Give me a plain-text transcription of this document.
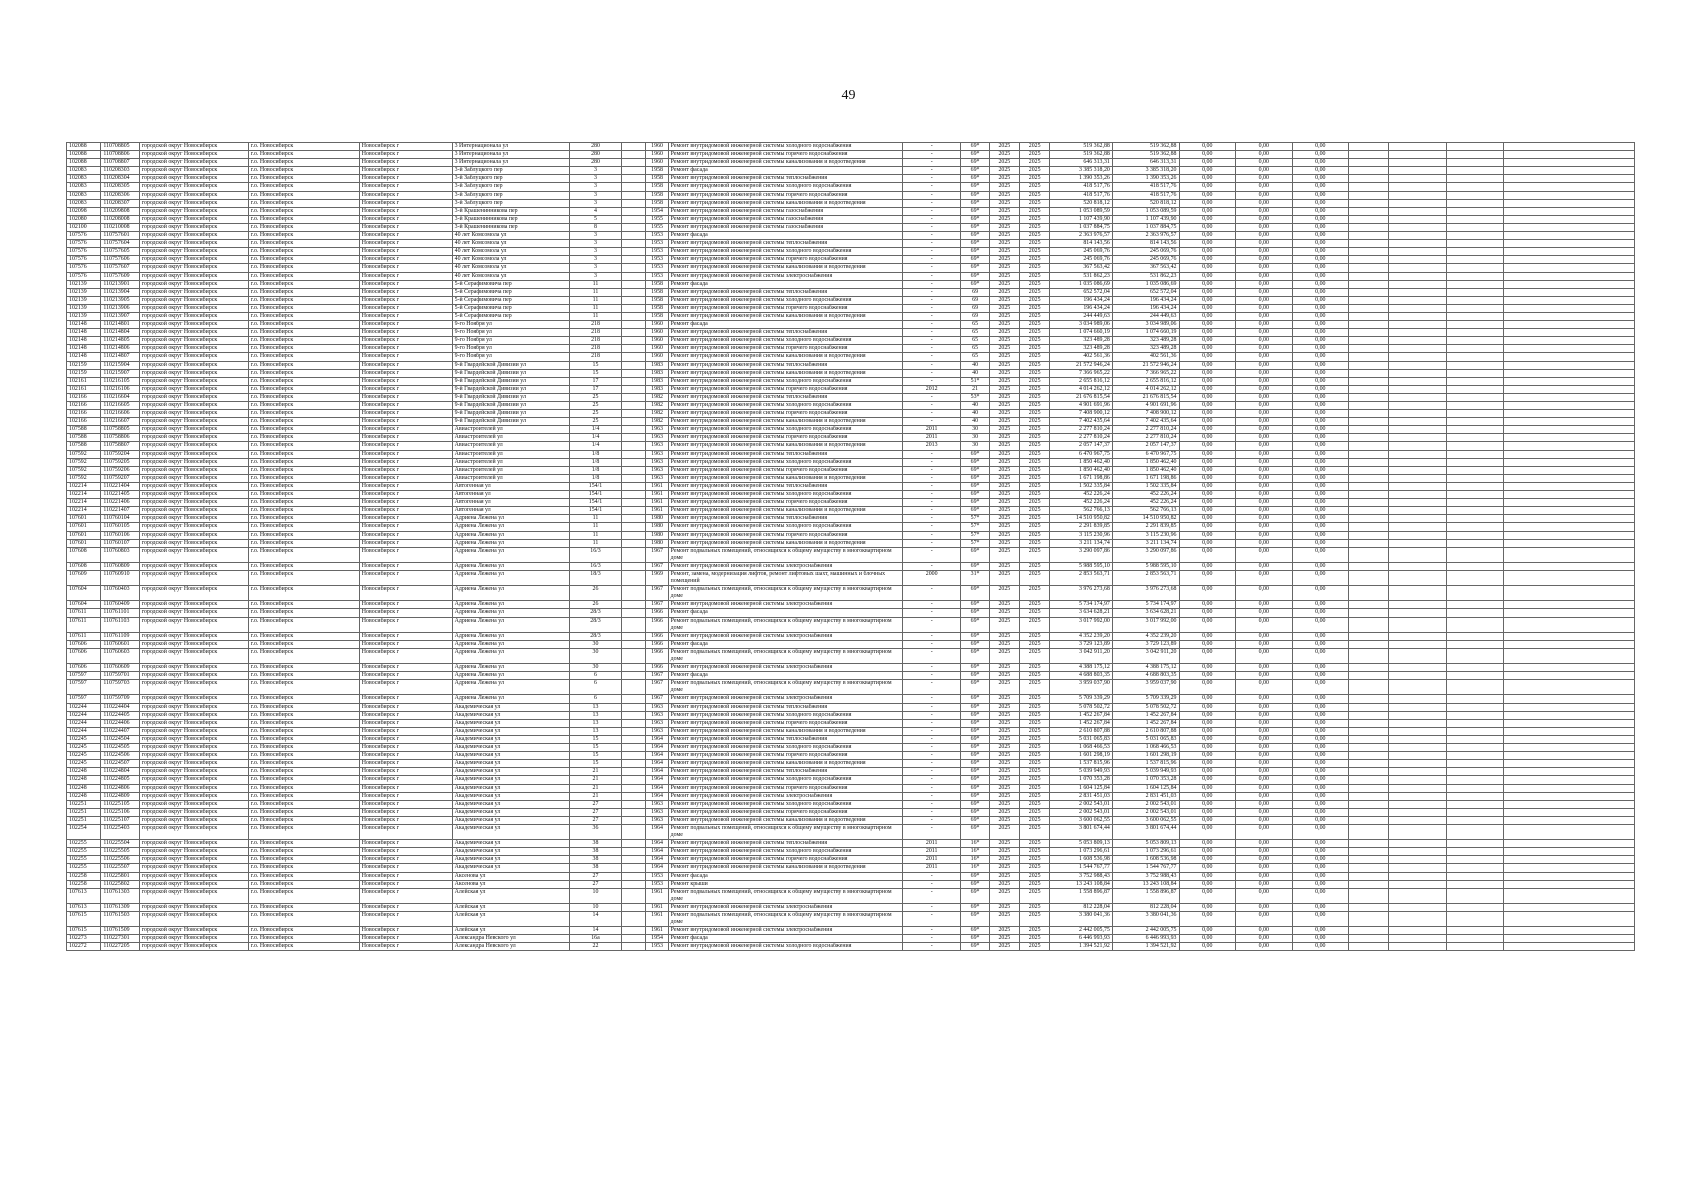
49
102088	110708805	городской округ Новосибирск	г.о. Новосибирск	Новосибирск г	3 Интернационала ул	280		1960	Ремонт внутридомовой инженерной системы холодного водоснабжения	-	69*	2025	2025	519 362,88	519 362,88	0,00	0,00	0,00				
102088	110708806	городской округ Новосибирск	г.о. Новосибирск	Новосибирск г	3 Интернационала ул	280		1960	Ремонт внутридомовой инженерной системы горячего водоснабжения	-	69*	2025	2025	519 362,88	519 362,88	0,00	0,00	0,00				
102088	110708807	городской округ Новосибирск	г.о. Новосибирск	Новосибирск г	3 Интернационала ул	280		1960	Ремонт внутридомовой инженерной системы канализования и водоотведения	-	69*	2025	2025	646 313,31	646 313,31	0,00	0,00	0,00				
102083	110208303	городской округ Новосибирск	г.о. Новосибирск	Новосибирск г	3-й Заблуцкого пер	3		1958	Ремонт фасада	-	69*	2025	2025	3 385 318,20	3 385 318,20	0,00	0,00	0,00				
102083	110208304	городской округ Новосибирск	г.о. Новосибирск	Новосибирск г	3-й Заблуцкого пер	3		1958	Ремонт внутридомовой инженерной системы теплоснабжения	-	69*	2025	2025	1 390 353,26	1 390 353,26	0,00	0,00	0,00				
102083	110208305	городской округ Новосибирск	г.о. Новосибирск	Новосибирск г	3-й Заблуцкого пер	3		1958	Ремонт внутридомовой инженерной системы холодного водоснабжения	-	69*	2025	2025	418 517,76	418 517,76	0,00	0,00	0,00				
102083	110208306	городской округ Новосибирск	г.о. Новосибирск	Новосибирск г	3-й Заблуцкого пер	3		1958	Ремонт внутридомовой инженерной системы горячего водоснабжения	-	69*	2025	2025	418 517,76	418 517,76	0,00	0,00	0,00				
102083	110208307	городской округ Новосибирск	г.о. Новосибирск	Новосибирск г	3-й Заблуцкого пер	3		1958	Ремонт внутридомовой инженерной системы канализования и водоотведения	-	69*	2025	2025	520 818,12	520 818,12	0,00	0,00	0,00				
102098	110209808	городской округ Новосибирск	г.о. Новосибирск	Новосибирск г	3-й Крашенинникова пер	4		1954	Ремонт внутридомовой инженерной системы газоснабжения	-	69*	2025	2025	1 053 089,59	1 053 089,59	0,00	0,00	0,00				
102080	110208008	городской округ Новосибирск	г.о. Новосибирск	Новосибирск г	3-й Крашенинникова пер	5		1955	Ремонт внутридомовой инженерной системы газоснабжения	-	69*	2025	2025	1 107 439,90	1 107 439,90	0,00	0,00	0,00				
102100	110210008	городской округ Новосибирск	г.о. Новосибирск	Новосибирск г	3-й Крашенинникова пер	8		1955	Ремонт внутридомовой инженерной системы газоснабжения	-	69*	2025	2025	1 037 884,75	1 037 884,75	0,00	0,00	0,00				
107576	110757601	городской округ Новосибирск	г.о. Новосибирск	Новосибирск г	40 лет Комсомола ул	3		1953	Ремонт фасада	-	69*	2025	2025	2 363 976,57	2 363 976,57	0,00	0,00	0,00				
107576	110757604	городской округ Новосибирск	г.о. Новосибирск	Новосибирск г	40 лет Комсомола ул	3		1953	Ремонт внутридомовой инженерной системы теплоснабжения	-	69*	2025	2025	814 143,56	814 143,56	0,00	0,00	0,00				
107576	110757605	городской округ Новосибирск	г.о. Новосибирск	Новосибирск г	40 лет Комсомола ул	3		1953	Ремонт внутридомовой инженерной системы холодного водоснабжения	-	69*	2025	2025	245 069,76	245 069,76	0,00	0,00	0,00				
107576	110757606	городской округ Новосибирск	г.о. Новосибирск	Новосибирск г	40 лет Комсомола ул	3		1953	Ремонт внутридомовой инженерной системы горячего водоснабжения	-	69*	2025	2025	245 069,76	245 069,76	0,00	0,00	0,00				
107576	110757607	городской округ Новосибирск	г.о. Новосибирск	Новосибирск г	40 лет Комсомола ул	3		1953	Ремонт внутридомовой инженерной системы канализования и водоотведения	-	69*	2025	2025	367 563,42	367 563,42	0,00	0,00	0,00				
107576	110757609	городской округ Новосибирск	г.о. Новосибирск	Новосибирск г	40 лет Комсомола ул	3		1953	Ремонт внутридомовой инженерной системы электроснабжения	-	69*	2025	2025	531 862,23	531 862,23	0,00	0,00	0,00				
102139	110213901	городской округ Новосибирск	г.о. Новосибирск	Новосибирск г	5-й Серафимовича пер	11		1958	Ремонт фасада	-	69*	2025	2025	1 035 086,69	1 035 086,69	0,00	0,00	0,00				
102139	110213904	городской округ Новосибирск	г.о. Новосибирск	Новосибирск г	5-й Серафимовича пер	11		1958	Ремонт внутридомовой инженерной системы теплоснабжения	-	69	2025	2025	652 572,04	652 572,04	0,00	0,00	0,00				
102139	110213905	городской округ Новосибирск	г.о. Новосибирск	Новосибирск г	5-й Серафимовича пер	11		1958	Ремонт внутридомовой инженерной системы холодного водоснабжения	-	69	2025	2025	196 434,24	196 434,24	0,00	0,00	0,00				
102139	110213906	городской округ Новосибирск	г.о. Новосибирск	Новосибирск г	5-й Серафимовича пер	11		1958	Ремонт внутридомовой инженерной системы горячего водоснабжения	-	69	2025	2025	196 434,24	196 434,24	0,00	0,00	0,00				
102139	110213907	городской округ Новосибирск	г.о. Новосибирск	Новосибирск г	5-й Серафимовича пер	11		1958	Ремонт внутридомовой инженерной системы канализования и водоотведения	-	69	2025	2025	244 449,63	244 449,63	0,00	0,00	0,00				
102148	110214801	городской округ Новосибирск	г.о. Новосибирск	Новосибирск г	9-го Ноября ул	218		1960	Ремонт фасада	-	65	2025	2025	3 034 989,06	3 034 989,06	0,00	0,00	0,00				
102148	110214804	городской округ Новосибирск	г.о. Новосибирск	Новосибирск г	9-го Ноября ул	218		1960	Ремонт внутридомовой инженерной системы теплоснабжения	-	65	2025	2025	1 074 660,19	1 074 660,19	0,00	0,00	0,00				
102148	110214805	городской округ Новосибирск	г.о. Новосибирск	Новосибирск г	9-го Ноября ул	218		1960	Ремонт внутридомовой инженерной системы холодного водоснабжения	-	65	2025	2025	323 489,28	323 489,28	0,00	0,00	0,00				
102148	110214806	городской округ Новосибирск	г.о. Новосибирск	Новосибирск г	9-го Ноября ул	218		1960	Ремонт внутридомовой инженерной системы горячего водоснабжения	-	65	2025	2025	323 489,28	323 489,28	0,00	0,00	0,00				
102148	110214807	городской округ Новосибирск	г.о. Новосибирск	Новосибирск г	9-го Ноября ул	218		1960	Ремонт внутридомовой инженерной системы канализования и водоотведения	-	65	2025	2025	402 561,36	402 561,36	0,00	0,00	0,00				
102159	110215904	городской округ Новосибирск	г.о. Новосибирск	Новосибирск г	9-й Гвардейской Дивизии ул	15		1983	Ремонт внутридомовой инженерной системы теплоснабжения	-	40	2025	2025	21 572 946,24	21 572 946,24	0,00	0,00	0,00				
102159	110215907	городской округ Новосибирск	г.о. Новосибирск	Новосибирск г	9-й Гвардейской Дивизии ул	15		1983	Ремонт внутридомовой инженерной системы канализования и водоотведения	-	40	2025	2025	7 366 965,22	7 366 965,22	0,00	0,00	0,00				
102161	110216105	городской округ Новосибирск	г.о. Новосибирск	Новосибирск г	9-й Гвардейской Дивизии ул	17		1983	Ремонт внутридомовой инженерной системы холодного водоснабжения	-	51*	2025	2025	2 655 816,12	2 655 816,12	0,00	0,00	0,00				
102161	110216106	городской округ Новосибирск	г.о. Новосибирск	Новосибирск г	9-й Гвардейской Дивизии ул	17		1983	Ремонт внутридомовой инженерной системы горячего водоснабжения	2012	21	2025	2025	4 014 262,12	4 014 262,12	0,00	0,00	0,00				
102166	110216604	городской округ Новосибирск	г.о. Новосибирск	Новосибирск г	9-й Гвардейской Дивизии ул	25		1982	Ремонт внутридомовой инженерной системы теплоснабжения	-	53*	2025	2025	21 676 815,54	21 676 815,54	0,00	0,00	0,00				
102166	110216605	городской округ Новосибирск	г.о. Новосибирск	Новосибирск г	9-й Гвардейской Дивизии ул	25		1982	Ремонт внутридомовой инженерной системы холодного водоснабжения	-	40	2025	2025	4 901 691,96	4 901 691,96	0,00	0,00	0,00				
102166	110216606	городской округ Новосибирск	г.о. Новосибирск	Новосибирск г	9-й Гвардейской Дивизии ул	25		1982	Ремонт внутридомовой инженерной системы горячего водоснабжения	-	40	2025	2025	7 408 900,12	7 408 900,12	0,00	0,00	0,00				
102166	110216607	городской округ Новосибирск	г.о. Новосибирск	Новосибирск г	9-й Гвардейской Дивизии ул	25		1982	Ремонт внутридомовой инженерной системы канализования и водоотведения	-	40	2025	2025	7 402 435,64	7 402 435,64	0,00	0,00	0,00				
107588	110758805	городской округ Новосибирск	г.о. Новосибирск	Новосибирск г	Авиастроителей ул	1/4		1963	Ремонт внутридомовой инженерной системы холодного водоснабжения	2011	30	2025	2025	2 277 810,24	2 277 810,24	0,00	0,00	0,00				
107588	110758806	городской округ Новосибирск	г.о. Новосибирск	Новосибирск г	Авиастроителей ул	1/4		1963	Ремонт внутридомовой инженерной системы горячего водоснабжения	2011	30	2025	2025	2 277 810,24	2 277 810,24	0,00	0,00	0,00				
107588	110758807	городской округ Новосибирск	г.о. Новосибирск	Новосибирск г	Авиастроителей ул	1/4		1963	Ремонт внутридомовой инженерной системы канализования и водоотведения	2013	30	2025	2025	2 057 147,37	2 057 147,37	0,00	0,00	0,00				
107592	110759204	городской округ Новосибирск	г.о. Новосибирск	Новосибирск г	Авиастроителей ул	1/8		1963	Ремонт внутридомовой инженерной системы теплоснабжения	-	69*	2025	2025	6 470 967,75	6 470 967,75	0,00	0,00	0,00				
107592	110759205	городской округ Новосибирск	г.о. Новосибирск	Новосибирск г	Авиастроителей ул	1/8		1963	Ремонт внутридомовой инженерной системы холодного водоснабжения	-	69*	2025	2025	1 850 462,40	1 850 462,40	0,00	0,00	0,00				
107592	110759206	городской округ Новосибирск	г.о. Новосибирск	Новосибирск г	Авиастроителей ул	1/8		1963	Ремонт внутридомовой инженерной системы горячего водоснабжения	-	69*	2025	2025	1 850 462,40	1 850 462,40	0,00	0,00	0,00				
107592	110759207	городской округ Новосибирск	г.о. Новосибирск	Новосибирск г	Авиастроителей ул	1/8		1963	Ремонт внутридомовой инженерной системы канализования и водоотведения	-	69*	2025	2025	1 671 198,86	1 671 198,86	0,00	0,00	0,00				
102214	110221404	городской округ Новосибирск	г.о. Новосибирск	Новосибирск г	Автогенная ул	154/1		1961	Ремонт внутридомовой инженерной системы теплоснабжения	-	69*	2025	2025	1 502 335,84	1 502 335,84	0,00	0,00	0,00				
102214	110221405	городской округ Новосибирск	г.о. Новосибирск	Новосибирск г	Автогенная ул	154/1		1961	Ремонт внутридомовой инженерной системы холодного водоснабжения	-	69*	2025	2025	452 226,24	452 226,24	0,00	0,00	0,00				
102214	110221406	городской округ Новосибирск	г.о. Новосибирск	Новосибирск г	Автогенная ул	154/1		1961	Ремонт внутридомовой инженерной системы горячего водоснабжения	-	69*	2025	2025	452 226,24	452 226,24	0,00	0,00	0,00				
102214	110221407	городской округ Новосибирск	г.о. Новосибирск	Новосибирск г	Автогенная ул	154/1		1961	Ремонт внутридомовой инженерной системы канализования и водоотведения	-	69*	2025	2025	562 766,13	562 766,13	0,00	0,00	0,00				
107601	110760104	городской округ Новосибирск	г.о. Новосибирск	Новосибирск г	Адриена Лежена ул	11		1980	Ремонт внутридомовой инженерной системы теплоснабжения	-	57*	2025	2025	14 510 950,82	14 510 950,82	0,00	0,00	0,00				
107601	110760105	городской округ Новосибирск	г.о. Новосибирск	Новосибирск г	Адриена Лежена ул	11		1980	Ремонт внутридомовой инженерной системы холодного водоснабжения	-	57*	2025	2025	2 291 839,85	2 291 839,85	0,00	0,00	0,00				
107601	110760106	городской округ Новосибирск	г.о. Новосибирск	Новосибирск г	Адриена Лежена ул	11		1980	Ремонт внутридомовой инженерной системы горячего водоснабжения	-	57*	2025	2025	3 115 230,96	3 115 230,96	0,00	0,00	0,00				
107601	110760107	городской округ Новосибирск	г.о. Новосибирск	Новосибирск г	Адриена Лежена ул	11		1980	Ремонт внутридомовой инженерной системы канализования и водоотведения	-	57*	2025	2025	3 211 134,74	3 211 134,74	0,00	0,00	0,00				
107608	110760803	городской округ Новосибирск	г.о. Новосибирск	Новосибирск г	Адриена Лежена ул	16/3		1967	Ремонт подвальных помещений, относящихся к общему имуществу в многоквартирном доме	-	69*	2025	2025	3 290 097,86	3 290 097,86	0,00	0,00	0,00				
107608	110760809	городской округ Новосибирск	г.о. Новосибирск	Новосибирск г	Адриена Лежена ул	16/3		1967	Ремонт внутридомовой инженерной системы электроснабжения	-	69*	2025	2025	5 988 595,10	5 988 595,10	0,00	0,00	0,00				
107609	110760910	городской округ Новосибирск	г.о. Новосибирск	Новосибирск г	Адриена Лежена ул	18/3		1969	Ремонт, замена, модернизация лифтов, ремонт лифтовых шахт, машинных и блочных помещений	2000	31*	2025	2025	2 853 563,71	2 853 563,71	0,00	0,00	0,00				
107604	110760403	городской округ Новосибирск	г.о. Новосибирск	Новосибирск г	Адриена Лежена ул	26		1967	Ремонт подвальных помещений, относящихся к общему имуществу в многоквартирном доме	-	69*	2025	2025	3 976 273,68	3 976 273,68	0,00	0,00	0,00				
107604	110760409	городской округ Новосибирск	г.о. Новосибирск	Новосибирск г	Адриена Лежена ул	26		1967	Ремонт внутридомовой инженерной системы электроснабжения	-	69*	2025	2025	5 734 174,97	5 734 174,97	0,00	0,00	0,00				
107611	110761101	городской округ Новосибирск	г.о. Новосибирск	Новосибирск г	Адриена Лежена ул	28/3		1966	Ремонт фасада	-	69*	2025	2025	3 634 628,21	3 634 628,21	0,00	0,00	0,00				
107611	110761103	городской округ Новосибирск	г.о. Новосибирск	Новосибирск г	Адриена Лежена ул	28/3		1966	Ремонт подвальных помещений, относящихся к общему имуществу в многоквартирном доме	-	69*	2025	2025	3 017 992,00	3 017 992,00	0,00	0,00	0,00				
107611	110761109	городской округ Новосибирск	г.о. Новосибирск	Новосибирск г	Адриена Лежена ул	28/3		1966	Ремонт внутридомовой инженерной системы электроснабжения	-	69*	2025	2025	4 352 239,20	4 352 239,20	0,00	0,00	0,00				
107606	110760601	городской округ Новосибирск	г.о. Новосибирск	Новосибирск г	Адриена Лежена ул	30		1966	Ремонт фасада	-	69*	2025	2025	3 729 123,89	3 729 123,89	0,00	0,00	0,00				
107606	110760603	городской округ Новосибирск	г.о. Новосибирск	Новосибирск г	Адриена Лежена ул	30		1966	Ремонт подвальных помещений, относящихся к общему имуществу в многоквартирном доме	-	69*	2025	2025	3 042 911,20	3 042 911,20	0,00	0,00	0,00				
107606	110760609	городской округ Новосибирск	г.о. Новосибирск	Новосибирск г	Адриена Лежена ул	30		1966	Ремонт внутридомовой инженерной системы электроснабжения	-	69*	2025	2025	4 388 175,12	4 388 175,12	0,00	0,00	0,00				
107597	110759701	городской округ Новосибирск	г.о. Новосибирск	Новосибирск г	Адриена Лежена ул	6		1967	Ремонт фасада	-	69*	2025	2025	4 688 803,35	4 688 803,35	0,00	0,00	0,00				
107597	110759703	городской округ Новосибирск	г.о. Новосибирск	Новосибирск г	Адриена Лежена ул	6		1967	Ремонт подвальных помещений, относящихся к общему имуществу в многоквартирном доме	-	69*	2025	2025	3 959 037,90	3 959 037,90	0,00	0,00	0,00				
107597	110759709	городской округ Новосибирск	г.о. Новосибирск	Новосибирск г	Адриена Лежена ул	6		1967	Ремонт внутридомовой инженерной системы электроснабжения	-	69*	2025	2025	5 709 339,29	5 709 339,29	0,00	0,00	0,00				
102244	110224404	городской округ Новосибирск	г.о. Новосибирск	Новосибирск г	Академическая ул	13		1963	Ремонт внутридомовой инженерной системы теплоснабжения	-	69*	2025	2025	5 078 502,72	5 078 502,72	0,00	0,00	0,00				
102244	110224405	городской округ Новосибирск	г.о. Новосибирск	Новосибирск г	Академическая ул	13		1963	Ремонт внутридомовой инженерной системы холодного водоснабжения	-	69*	2025	2025	1 452 267,84	1 452 267,84	0,00	0,00	0,00				
102244	110224406	городской округ Новосибирск	г.о. Новосибирск	Новосибирск г	Академическая ул	13		1963	Ремонт внутридомовой инженерной системы горячего водоснабжения	-	69*	2025	2025	1 452 267,84	1 452 267,84	0,00	0,00	0,00				
102244	110224407	городской округ Новосибирск	г.о. Новосибирск	Новосибирск г	Академическая ул	13		1963	Ремонт внутридомовой инженерной системы канализования и водоотведения	-	69*	2025	2025	2 610 807,88	2 610 807,88	0,00	0,00	0,00				
102245	110224504	городской округ Новосибирск	г.о. Новосибирск	Новосибирск г	Академическая ул	15		1964	Ремонт внутридомовой инженерной системы теплоснабжения	-	69*	2025	2025	5 031 065,83	5 031 065,83	0,00	0,00	0,00				
102245	110224505	городской округ Новосибирск	г.о. Новосибирск	Новосибирск г	Академическая ул	15		1964	Ремонт внутридомовой инженерной системы холодного водоснабжения	-	69*	2025	2025	1 068 466,53	1 068 466,53	0,00	0,00	0,00				
102245	110224506	городской округ Новосибирск	г.о. Новосибирск	Новосибирск г	Академическая ул	15		1964	Ремонт внутридомовой инженерной системы горячего водоснабжения	-	69*	2025	2025	1 601 298,19	1 601 298,19	0,00	0,00	0,00				
102245	110224507	городской округ Новосибирск	г.о. Новосибирск	Новосибирск г	Академическая ул	15		1964	Ремонт внутридомовой инженерной системы канализования и водоотведения	-	69*	2025	2025	1 537 815,96	1 537 815,96	0,00	0,00	0,00				
102248	110224804	городской округ Новосибирск	г.о. Новосибирск	Новосибирск г	Академическая ул	21		1964	Ремонт внутридомовой инженерной системы теплоснабжения	-	69*	2025	2025	5 039 949,93	5 039 949,93	0,00	0,00	0,00				
102248	110224805	городской округ Новосибирск	г.о. Новосибирск	Новосибирск г	Академическая ул	21		1964	Ремонт внутридомовой инженерной системы холодного водоснабжения	-	69*	2025	2025	1 070 353,28	1 070 353,28	0,00	0,00	0,00				
102248	110224806	городской округ Новосибирск	г.о. Новосибирск	Новосибирск г	Академическая ул	21		1964	Ремонт внутридомовой инженерной системы горячего водоснабжения	-	69*	2025	2025	1 604 125,84	1 604 125,84	0,00	0,00	0,00				
102248	110224809	городской округ Новосибирск	г.о. Новосибирск	Новосибирск г	Академическая ул	21		1964	Ремонт внутридомовой инженерной системы электроснабжения	-	69*	2025	2025	2 831 451,03	2 831 451,03	0,00	0,00	0,00				
102251	110225105	городской округ Новосибирск	г.о. Новосибирск	Новосибирск г	Академическая ул	27		1963	Ремонт внутридомовой инженерной системы холодного водоснабжения	-	69*	2025	2025	2 002 543,01	2 002 543,01	0,00	0,00	0,00				
102251	110225106	городской округ Новосибирск	г.о. Новосибирск	Новосибирск г	Академическая ул	27		1963	Ремонт внутридомовой инженерной системы горячего водоснабжения	-	69*	2025	2025	2 002 543,01	2 002 543,01	0,00	0,00	0,00				
102251	110225107	городской округ Новосибирск	г.о. Новосибирск	Новосибирск г	Академическая ул	27		1963	Ремонт внутридомовой инженерной системы канализования и водоотведения	-	69*	2025	2025	3 600 062,55	3 600 062,55	0,00	0,00	0,00				
102254	110225403	городской округ Новосибирск	г.о. Новосибирск	Новосибирск г	Академическая ул	36		1964	Ремонт подвальных помещений, относящихся к общему имуществу в многоквартирном доме	-	69*	2025	2025	3 801 674,44	3 801 674,44	0,00	0,00	0,00				
102255	110225504	городской округ Новосибирск	г.о. Новосибирск	Новосибирск г	Академическая ул	38		1964	Ремонт внутридомовой инженерной системы теплоснабжения	2011	16*	2025	2025	5 053 809,13	5 053 809,13	0,00	0,00	0,00				
102255	110225505	городской округ Новосибирск	г.о. Новосибирск	Новосибирск г	Академическая ул	38		1964	Ремонт внутридомовой инженерной системы холодного водоснабжения	2011	16*	2025	2025	1 073 296,61	1 073 296,61	0,00	0,00	0,00				
102255	110225506	городской округ Новосибирск	г.о. Новосибирск	Новосибирск г	Академическая ул	38		1964	Ремонт внутридомовой инженерной системы горячего водоснабжения	2011	16*	2025	2025	1 608 536,98	1 608 536,98	0,00	0,00	0,00				
102255	110225507	городской округ Новосибирск	г.о. Новосибирск	Новосибирск г	Академическая ул	38		1964	Ремонт внутридомовой инженерной системы канализования и водоотведения	2011	16*	2025	2025	1 544 767,77	1 544 767,77	0,00	0,00	0,00				
102258	110225801	городской округ Новосибирск	г.о. Новосибирск	Новосибирск г	Аксенова ул	27		1953	Ремонт фасада	-	69*	2025	2025	3 752 988,43	3 752 988,43	0,00	0,00	0,00				
102258	110225802	городской округ Новосибирск	г.о. Новосибирск	Новосибирск г	Аксенова ул	27		1953	Ремонт крыши	-	69*	2025	2025	13 243 108,84	13 243 108,84	0,00	0,00	0,00				
107613	110761303	городской округ Новосибирск	г.о. Новосибирск	Новосибирск г	Алейская ул	10		1961	Ремонт подвальных помещений, относящихся к общему имуществу в многоквартирном доме	-	69*	2025	2025	1 558 896,87	1 558 896,87	0,00	0,00	0,00				
107613	110761309	городской округ Новосибирск	г.о. Новосибирск	Новосибирск г	Алейская ул	10		1961	Ремонт внутридомовой инженерной системы электроснабжения	-	69*	2025	2025	812 228,04	812 228,04	0,00	0,00	0,00				
107615	110761503	городской округ Новосибирск	г.о. Новосибирск	Новосибирск г	Алейская ул	14		1961	Ремонт подвальных помещений, относящихся к общему имуществу в многоквартирном доме	-	69*	2025	2025	3 380 041,36	3 380 041,36	0,00	0,00	0,00				
107615	110761509	городской округ Новосибирск	г.о. Новосибирск	Новосибирск г	Алейская ул	14		1961	Ремонт внутридомовой инженерной системы электроснабжения	-	69*	2025	2025	2 442 005,75	2 442 005,75	0,00	0,00	0,00				
102273	110227301	городской округ Новосибирск	г.о. Новосибирск	Новосибирск г	Александра Невского ул	16а		1954	Ремонт фасада	-	69*	2025	2025	6 446 993,93	6 446 993,93	0,00	0,00	0,00				
102272	110227205	городской округ Новосибирск	г.о. Новосибирск	Новосибирск г	Александра Невского ул	22		1953	Ремонт внутридомовой инженерной системы холодного водоснабжения	-	69*	2025	2025	1 394 521,92	1 394 521,92	0,00	0,00	0,00				
